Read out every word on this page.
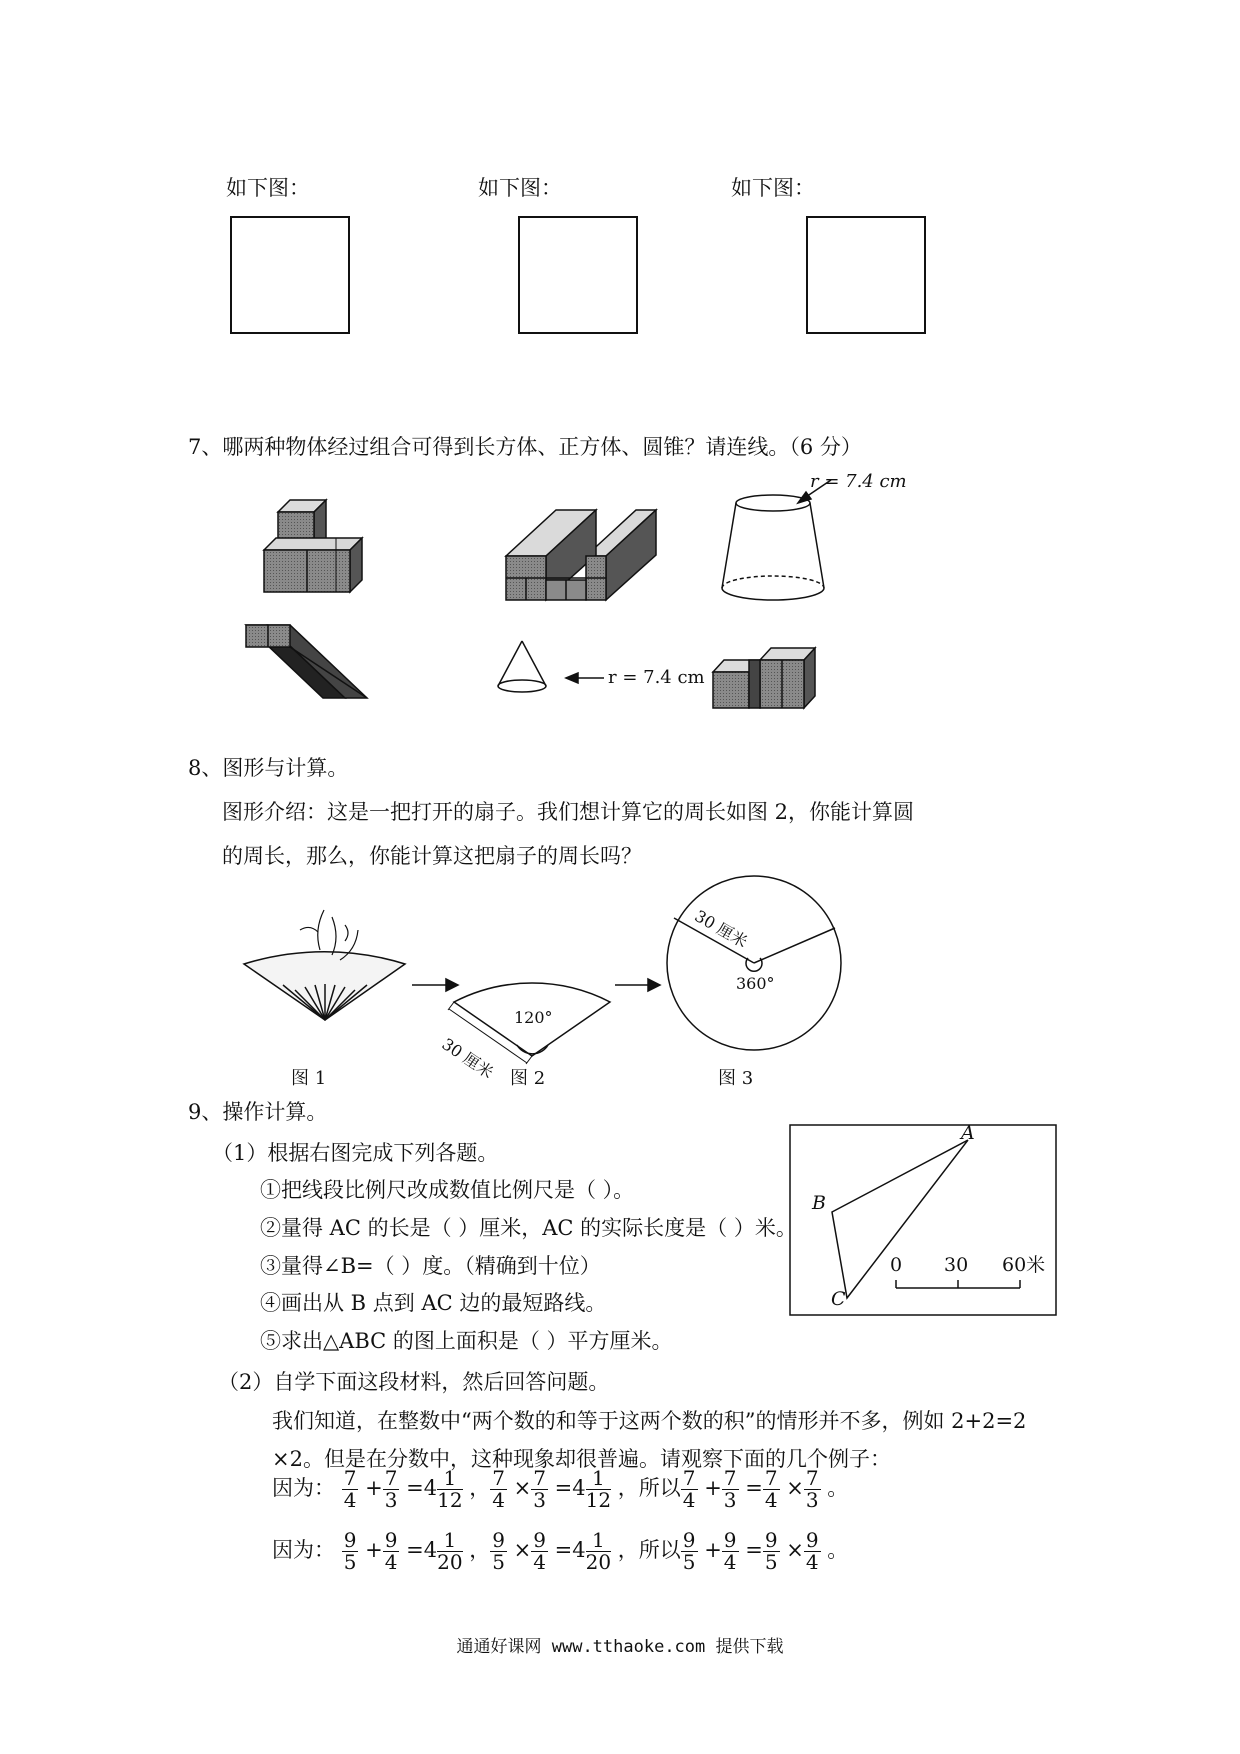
如下图：	如下图：	如下图：
7、哪两种物体经过组合可得到长方体、正方体、圆锥？请连线。（6 分）
r = 7.4 cm
r = 7.4 cm
8、图形与计算。
图形介绍：这是一把打开的扇子。我们想计算它的周长如图 2，你能计算圆
的周长，那么，你能计算这把扇子的周长吗？
120°
30 厘米
30 厘米
360°
图 1	图 2	图 3
9、操作计算。
（1）根据右图完成下列各题。
①把线段比例尺改成数值比例尺是（ ）。
②量得 AC 的长是（ ）厘米，AC 的实际长度是（ ）米。
③量得∠B=（ ）度。（精确到十位）
④画出从 B 点到 AC 边的最短路线。
⑤求出△ABC 的图上面积是（ ）平方厘米。
A
B
C
0 30 60米
（2）自学下面这段材料，然后回答问题。
我们知道，在整数中“两个数的和等于这两个数的积”的情形并不多，例如 2+2=2
×2。但是在分数中，这种现象却很普遍。请观察下面的几个例子：
因为： $\frac{7}{4} + \frac{7}{3} =4 \frac{1}{12}$ ， $\frac{7}{4} \times \frac{7}{3} =4 \frac{1}{12}$ ，所以 $\frac{7}{4} + \frac{7}{3} = \frac{7}{4} \times \frac{7}{3}$ 。
因为： $\frac{9}{5} + \frac{9}{4} =4 \frac{1}{20}$ ， $\frac{9}{5} \times \frac{9}{4} =4 \frac{1}{20}$ ，所以 $\frac{9}{5} + \frac{9}{4} = \frac{9}{5} \times \frac{9}{4}$ 。
通通好课网 www.tthaoke.com 提供下载
